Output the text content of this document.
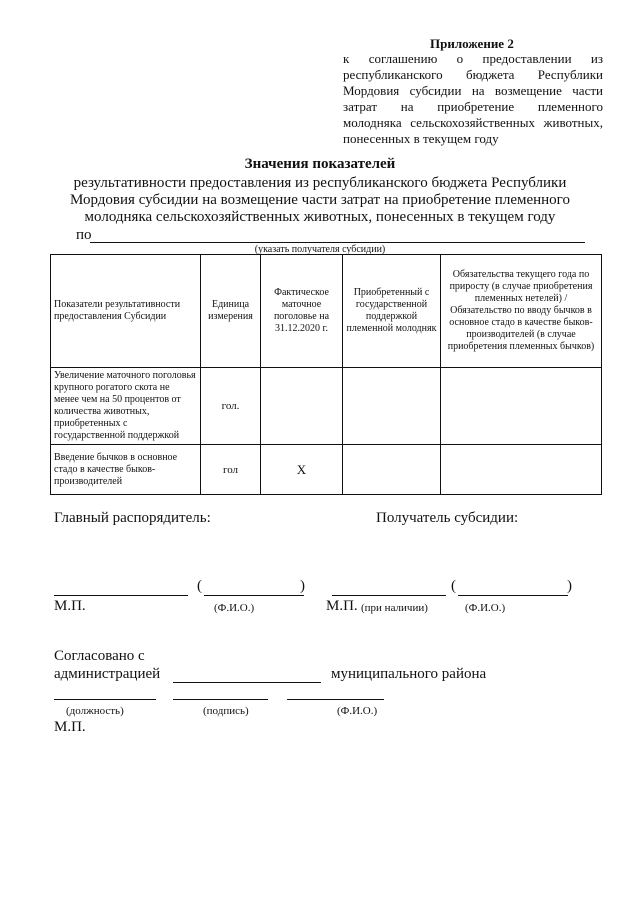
Приложение 2
к соглашению о предоставлении из республиканского бюджета Республики Мордовия субсидии на возмещение части затрат на приобретение племенного молодняка сельскохозяйственных животных, понесенных в текущем году
Значения показателей
результативности предоставления из республиканского бюджета Республики
Мордовия субсидии на возмещение части затрат на приобретение племенного
молодняка сельскохозяйственных животных, понесенных в текущем году
по
(указать получателя субсидии)
Показатели результативности предоставления Субсидии	Единица измерения	Фактическое маточное поголовье на 31.12.2020 г.	Приобретенный с государственной поддержкой племенной молодняк	Обязательства текущего года по приросту (в случае приобретения племенных нетелей) / Обязательство по вводу бычков в основное стадо в качестве быков-производителей (в случае приобретения племенных бычков)
Увеличение маточного поголовья крупного рогатого скота не менее чем на 50 процентов от количества животных, приобретенных с государственной поддержкой	гол.			
Введение бычков в основное стадо в качестве быков-производителей	гол	X		
Главный распорядитель:	Получатель субсидии:
(	)	(	)
М.П.	(Ф.И.О.)	М.П. (при наличии)	(Ф.И.О.)
Согласовано с
администрацией	муниципального района
(должность)	(подпись)	(Ф.И.О.)
М.П.
